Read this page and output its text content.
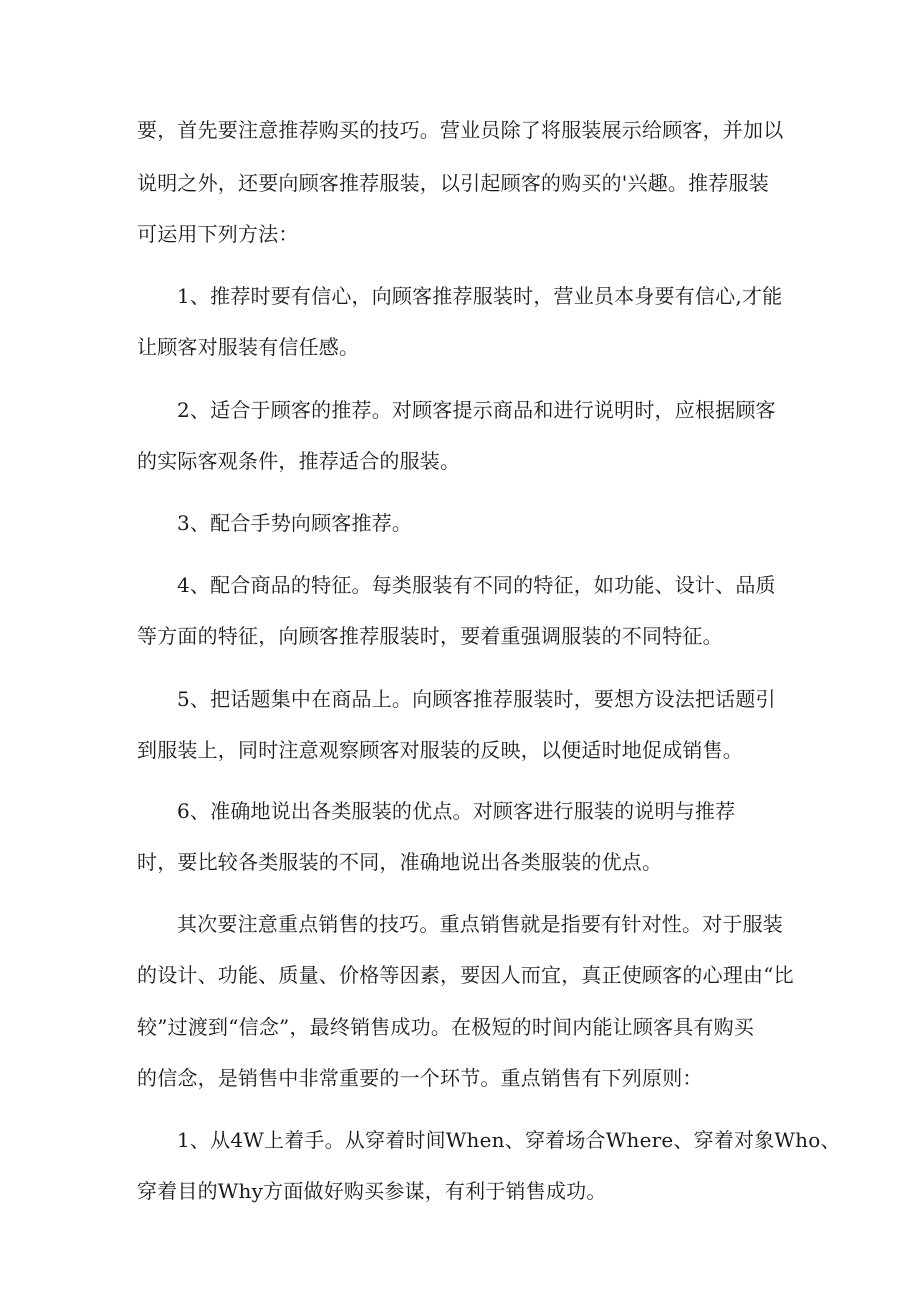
要，首先要注意推荐购买的技巧。营业员除了将服装展示给顾客，并加以
说明之外，还要向顾客推荐服装，以引起顾客的购买的'兴趣。推荐服装
可运用下列方法：
1、推荐时要有信心，向顾客推荐服装时，营业员本身要有信心,才能
让顾客对服装有信任感。
2、适合于顾客的推荐。对顾客提示商品和进行说明时，应根据顾客
的实际客观条件，推荐适合的服装。
3、配合手势向顾客推荐。
4、配合商品的特征。每类服装有不同的特征，如功能、设计、品质
等方面的特征，向顾客推荐服装时，要着重强调服装的不同特征。
5、把话题集中在商品上。向顾客推荐服装时，要想方设法把话题引
到服装上，同时注意观察顾客对服装的反映，以便适时地促成销售。
6、准确地说出各类服装的优点。对顾客进行服装的说明与推荐
时，要比较各类服装的不同，准确地说出各类服装的优点。
其次要注意重点销售的技巧。重点销售就是指要有针对性。对于服装
的设计、功能、质量、价格等因素，要因人而宜，真正使顾客的心理由“比
较”过渡到“信念”，最终销售成功。在极短的时间内能让顾客具有购买
的信念，是销售中非常重要的一个环节。重点销售有下列原则：
1、从4W上着手。从穿着时间When、穿着场合Where、穿着对象Who、
穿着目的Why方面做好购买参谋，有利于销售成功。
